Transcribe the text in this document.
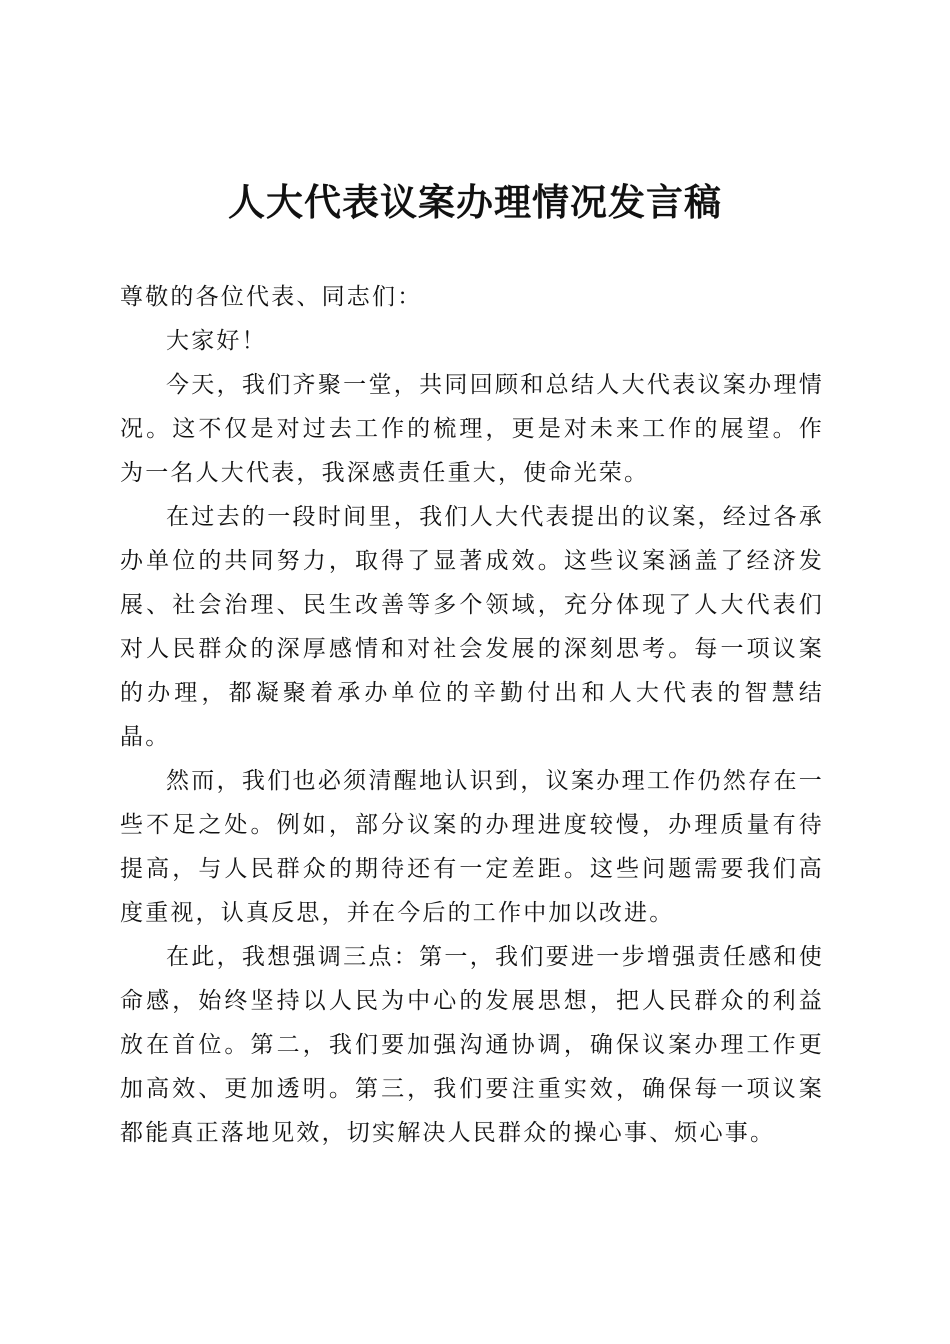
人大代表议案办理情况发言稿

尊敬的各位代表、同志们：

大家好！

今天，我们齐聚一堂，共同回顾和总结人大代表议案办理情况。这不仅是对过去工作的梳理，更是对未来工作的展望。作为一名人大代表，我深感责任重大，使命光荣。

在过去的一段时间里，我们人大代表提出的议案，经过各承办单位的共同努力，取得了显著成效。这些议案涵盖了经济发展、社会治理、民生改善等多个领域，充分体现了人大代表们对人民群众的深厚感情和对社会发展的深刻思考。每一项议案的办理，都凝聚着承办单位的辛勤付出和人大代表的智慧结晶。

然而，我们也必须清醒地认识到，议案办理工作仍然存在一些不足之处。例如，部分议案的办理进度较慢，办理质量有待提高，与人民群众的期待还有一定差距。这些问题需要我们高度重视，认真反思，并在今后的工作中加以改进。

在此，我想强调三点：第一，我们要进一步增强责任感和使命感，始终坚持以人民为中心的发展思想，把人民群众的利益放在首位。第二，我们要加强沟通协调，确保议案办理工作更加高效、更加透明。第三，我们要注重实效，确保每一项议案都能真正落地见效，切实解决人民群众的操心事、烦心事。
